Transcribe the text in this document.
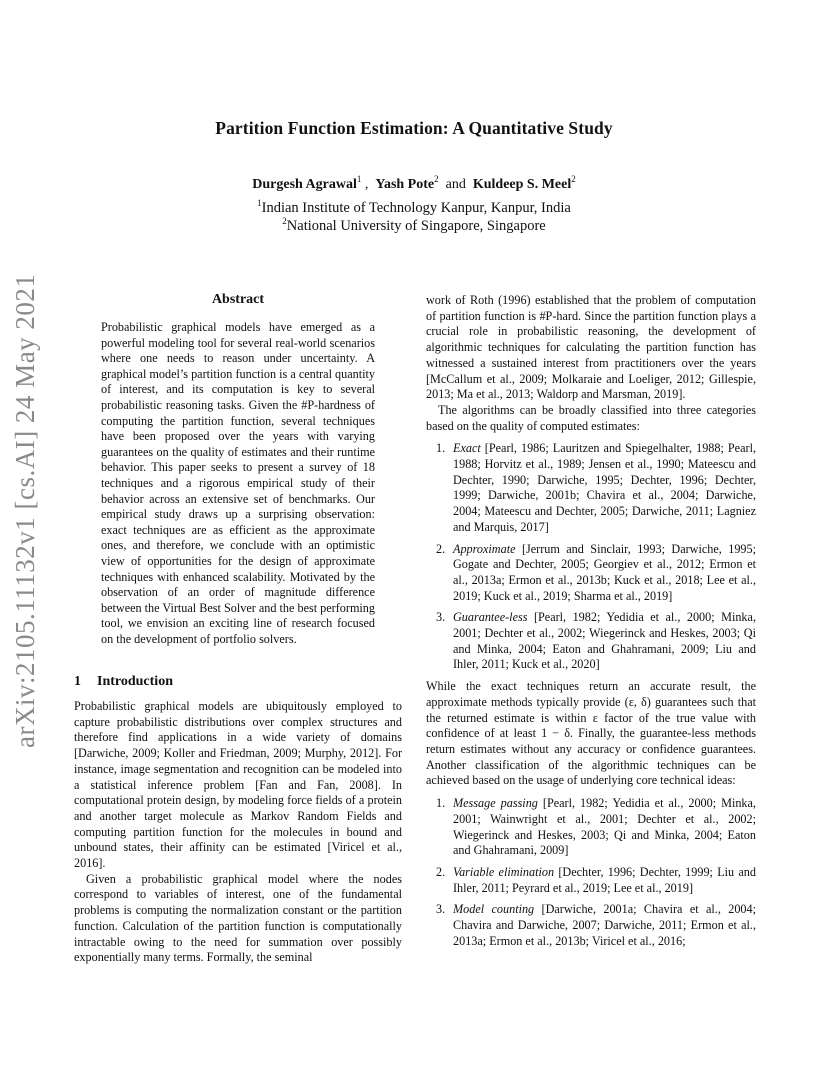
arXiv:2105.11132v1 [cs.AI] 24 May 2021
Partition Function Estimation: A Quantitative Study
Durgesh Agrawal$^1$ ,  Yash Pote$^2$  and  Kuldeep S. Meel$^2$
$^1$Indian Institute of Technology Kanpur, Kanpur, India
$^2$National University of Singapore, Singapore
Abstract
Probabilistic graphical models have emerged as a powerful modeling tool for several real-world scenarios where one needs to reason under uncertainty. A graphical model’s partition function is a central quantity of interest, and its computation is key to several probabilistic reasoning tasks. Given the #P-hardness of computing the partition function, several techniques have been proposed over the years with varying guarantees on the quality of estimates and their runtime behavior. This paper seeks to present a survey of 18 techniques and a rigorous empirical study of their behavior across an extensive set of benchmarks. Our empirical study draws up a surprising observation: exact techniques are as efficient as the approximate ones, and therefore, we conclude with an optimistic view of opportunities for the design of approximate techniques with enhanced scalability. Motivated by the observation of an order of magnitude difference between the Virtual Best Solver and the best performing tool, we envision an exciting line of research focused on the development of portfolio solvers.
1 Introduction

Probabilistic graphical models are ubiquitously employed to capture probabilistic distributions over complex structures and therefore find applications in a wide variety of domains [Darwiche, 2009; Koller and Friedman, 2009; Murphy, 2012]. For instance, image segmentation and recognition can be modeled into a statistical inference problem [Fan and Fan, 2008]. In computational protein design, by modeling force fields of a protein and another target molecule as Markov Random Fields and computing partition function for the molecules in bound and unbound states, their affinity can be estimated [Viricel et al., 2016].

Given a probabilistic graphical model where the nodes correspond to variables of interest, one of the fundamental problems is computing the normalization constant or the partition function. Calculation of the partition function is computationally intractable owing to the need for summation over possibly exponentially many terms. Formally, the seminal

work of Roth (1996) established that the problem of computation of partition function is #P-hard. Since the partition function plays a crucial role in probabilistic reasoning, the development of algorithmic techniques for calculating the partition function has witnessed a sustained interest from practitioners over the years [McCallum et al., 2009; Molkaraie and Loeliger, 2012; Gillespie, 2013; Ma et al., 2013; Waldorp and Marsman, 2019].

The algorithms can be broadly classified into three categories based on the quality of computed estimates:

1. Exact [Pearl, 1986; Lauritzen and Spiegelhalter, 1988; Pearl, 1988; Horvitz et al., 1989; Jensen et al., 1990; Mateescu and Dechter, 1990; Darwiche, 1995; Dechter, 1996; Dechter, 1999; Darwiche, 2001b; Chavira et al., 2004; Darwiche, 2004; Mateescu and Dechter, 2005; Darwiche, 2011; Lagniez and Marquis, 2017]
2. Approximate [Jerrum and Sinclair, 1993; Darwiche, 1995; Gogate and Dechter, 2005; Georgiev et al., 2012; Ermon et al., 2013a; Ermon et al., 2013b; Kuck et al., 2018; Lee et al., 2019; Kuck et al., 2019; Sharma et al., 2019]
3. Guarantee-less [Pearl, 1982; Yedidia et al., 2000; Minka, 2001; Dechter et al., 2002; Wiegerinck and Heskes, 2003; Qi and Minka, 2004; Eaton and Ghahramani, 2009; Liu and Ihler, 2011; Kuck et al., 2020]

While the exact techniques return an accurate result, the approximate methods typically provide (ε, δ) guarantees such that the returned estimate is within ε factor of the true value with confidence of at least 1 − δ. Finally, the guarantee-less methods return estimates without any accuracy or confidence guarantees. Another classification of the algorithmic techniques can be achieved based on the usage of underlying core technical ideas:

1. Message passing [Pearl, 1982; Yedidia et al., 2000; Minka, 2001; Wainwright et al., 2001; Dechter et al., 2002; Wiegerinck and Heskes, 2003; Qi and Minka, 2004; Eaton and Ghahramani, 2009]
2. Variable elimination [Dechter, 1996; Dechter, 1999; Liu and Ihler, 2011; Peyrard et al., 2019; Lee et al., 2019]
3. Model counting [Darwiche, 2001a; Chavira et al., 2004; Chavira and Darwiche, 2007; Darwiche, 2011; Ermon et al., 2013a; Ermon et al., 2013b; Viricel et al., 2016;
